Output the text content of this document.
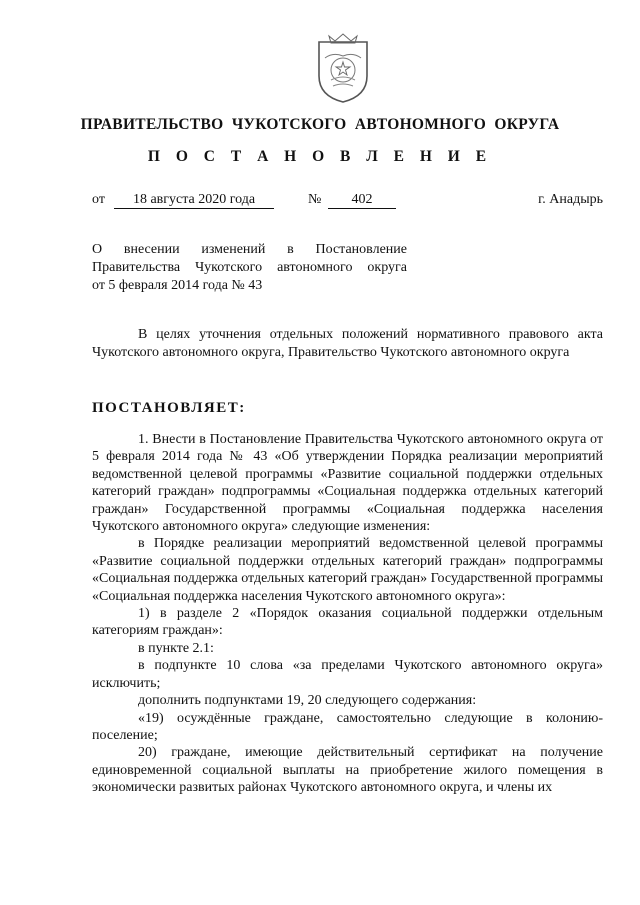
ПРАВИТЕЛЬСТВО  ЧУКОТСКОГО  АВТОНОМНОГО  ОКРУГА
П О С Т А Н О В Л Е Н И Е
от	18 августа 2020 года	№	402	г. Анадырь
О внесении изменений в Постановление
Правительства Чукотского автономного округа
от 5 февраля 2014 года № 43

В целях уточнения отдельных положений нормативного правового акта Чукотского автономного округа, Правительство Чукотского автономного округа

ПОСТАНОВЛЯЕТ:

1. Внести в Постановление Правительства Чукотского автономного округа от 5 февраля 2014 года № 43 «Об утверждении Порядка реализации мероприятий ведомственной целевой программы «Развитие социальной поддержки отдельных категорий граждан» подпрограммы «Социальная поддержка отдельных категорий граждан» Государственной программы «Социальная поддержка населения Чукотского автономного округа» следующие изменения:

в Порядке реализации мероприятий ведомственной целевой программы «Развитие социальной поддержки отдельных категорий граждан» подпрограммы «Социальная поддержка отдельных категорий граждан» Государственной программы «Социальная поддержка населения Чукотского автономного округа»:

1) в разделе 2 «Порядок оказания социальной поддержки отдельным категориям граждан»:

в пункте 2.1:

в подпункте 10 слова «за пределами Чукотского автономного округа» исключить;

дополнить подпунктами 19, 20 следующего содержания:

«19) осуждённые граждане, самостоятельно следующие в колонию-поселение;

20) граждане, имеющие действительный сертификат на получение единовременной социальной выплаты на приобретение жилого помещения в экономически развитых районах Чукотского автономного округа, и члены их
